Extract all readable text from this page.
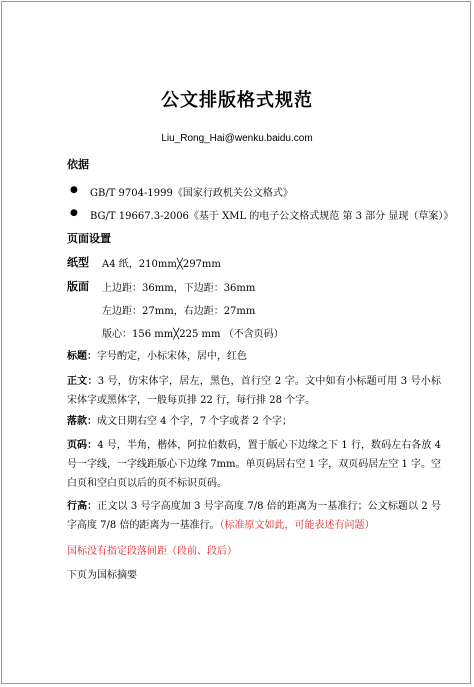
公文排版格式规范
Liu_Rong_Hai@wenku.baidu.com
依据
● GB/T 9704-1999《国家行政机关公文格式》
● BG/T 19667.3-2006《基于 XML 的电子公文格式规范 第 3 部分 显现（草案）》
页面设置
纸型 A4 纸，210mm╳297mm
版面 上边距：36mm，下边距：36mm
左边距：27mm，右边距：27mm
版心：156 mm╳225 mm （不含页码）
标题：字号酌定，小标宋体，居中，红色
正文：3 号，仿宋体字，居左，黑色，首行空 2 字。文中如有小标题可用 3 号小标宋体字或黑体字，一般每页排 22 行，每行排 28 个字。
落款：成文日期右空 4 个字，7 个字或者 2 个字；
页码：4 号，半角，楷体，阿拉伯数码，置于版心下边缘之下 1 行，数码左右各放 4 号一字线，一字线距版心下边缘 7mm。单页码居右空 1 字，双页码居左空 1 字。空白页和空白页以后的页不标识页码。
行高：正文以 3 号字高度加 3 号字高度 7/8 倍的距离为一基准行；公文标题以 2 号字高度 7/8 倍的距离为一基准行。（标准原文如此，可能表述有问题）
国标没有指定段落间距（段前、段后）
下页为国标摘要
